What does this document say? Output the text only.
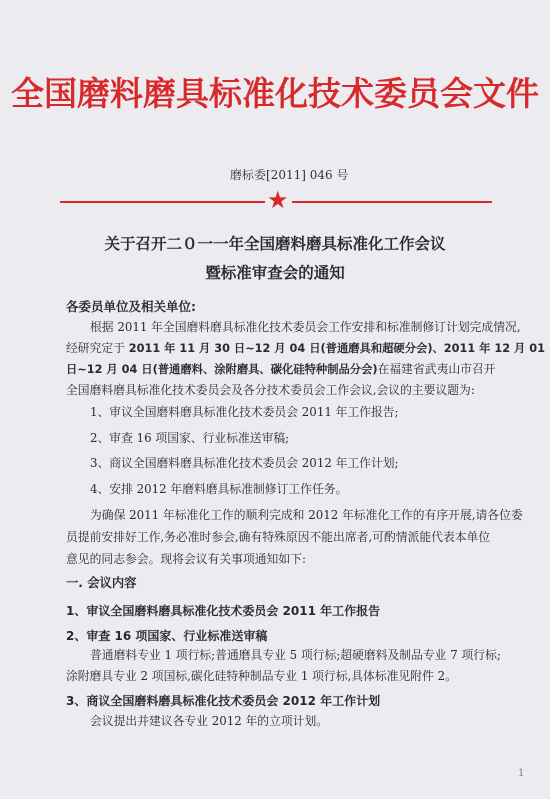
全国磨料磨具标准化技术委员会文件
磨标委[2011] 046 号
★
关于召开二０一一年全国磨料磨具标准化工作会议
暨标准审查会的通知
各委员单位及相关单位:
根据 2011 年全国磨料磨具标准化技术委员会工作安排和标准制修订计划完成情况,
经研究定于 2011 年 11 月 30 日~12 月 04 日(普通磨具和超硬分会)、2011 年 12 月 01
日~12 月 04 日(普通磨料、涂附磨具、碳化硅特种制品分会)在福建省武夷山市召开
全国磨料磨具标准化技术委员会及各分技术委员会工作会议,会议的主要议题为:
1、审议全国磨料磨具标准化技术委员会 2011 年工作报告;
2、审查 16 项国家、行业标准送审稿;
3、商议全国磨料磨具标准化技术委员会 2012 年工作计划;
4、安排 2012 年磨料磨具标准制修订工作任务。
为确保 2011 年标准化工作的顺利完成和 2012 年标准化工作的有序开展,请各位委
员提前安排好工作,务必准时参会,确有特殊原因不能出席者,可酌情派能代表本单位
意见的同志参会。现将会议有关事项通知如下:
一. 会议内容
1、审议全国磨料磨具标准化技术委员会 2011 年工作报告
2、审查 16 项国家、行业标准送审稿
普通磨料专业 1 项行标;普通磨具专业 5 项行标;超硬磨料及制品专业 7 项行标;
涂附磨具专业 2 项国标,碳化硅特种制品专业 1 项行标,具体标准见附件 2。
3、商议全国磨料磨具标准化技术委员会 2012 年工作计划
会议提出并建议各专业 2012 年的立项计划。
1
